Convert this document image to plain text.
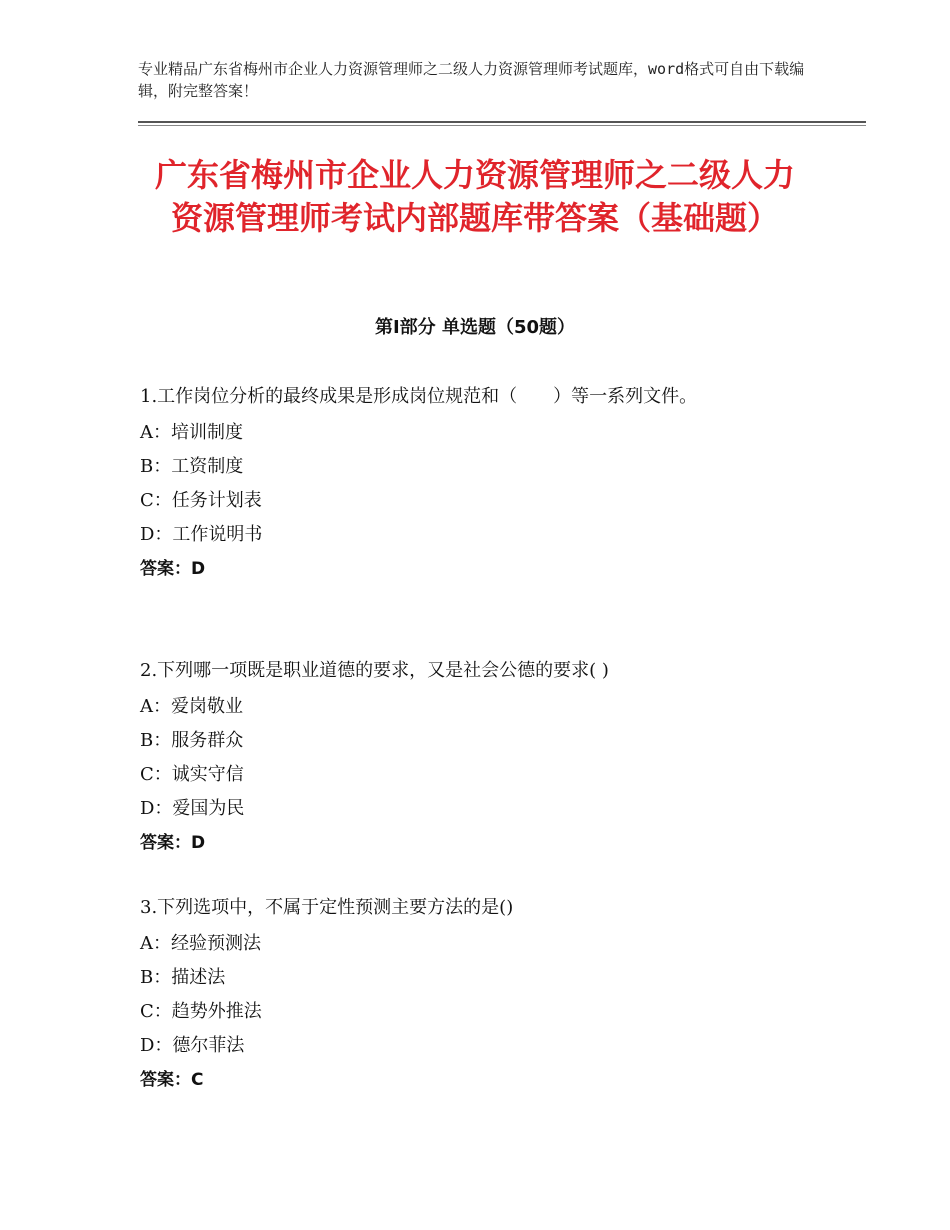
专业精品广东省梅州市企业人力资源管理师之二级人力资源管理师考试题库，word格式可自由下载编辑，附完整答案！
广东省梅州市企业人力资源管理师之二级人力资源管理师考试内部题库带答案（基础题）
第Ⅰ部分 单选题（50题）
1.工作岗位分析的最终成果是形成岗位规范和（　　）等一系列文件。
A：培训制度
B：工资制度
C：任务计划表
D：工作说明书
答案：D
2.下列哪一项既是职业道德的要求，又是社会公德的要求( )
A：爱岗敬业
B：服务群众
C：诚实守信
D：爱国为民
答案：D
3.下列选项中，不属于定性预测主要方法的是()
A：经验预测法
B：描述法
C：趋势外推法
D：德尔菲法
答案：C
